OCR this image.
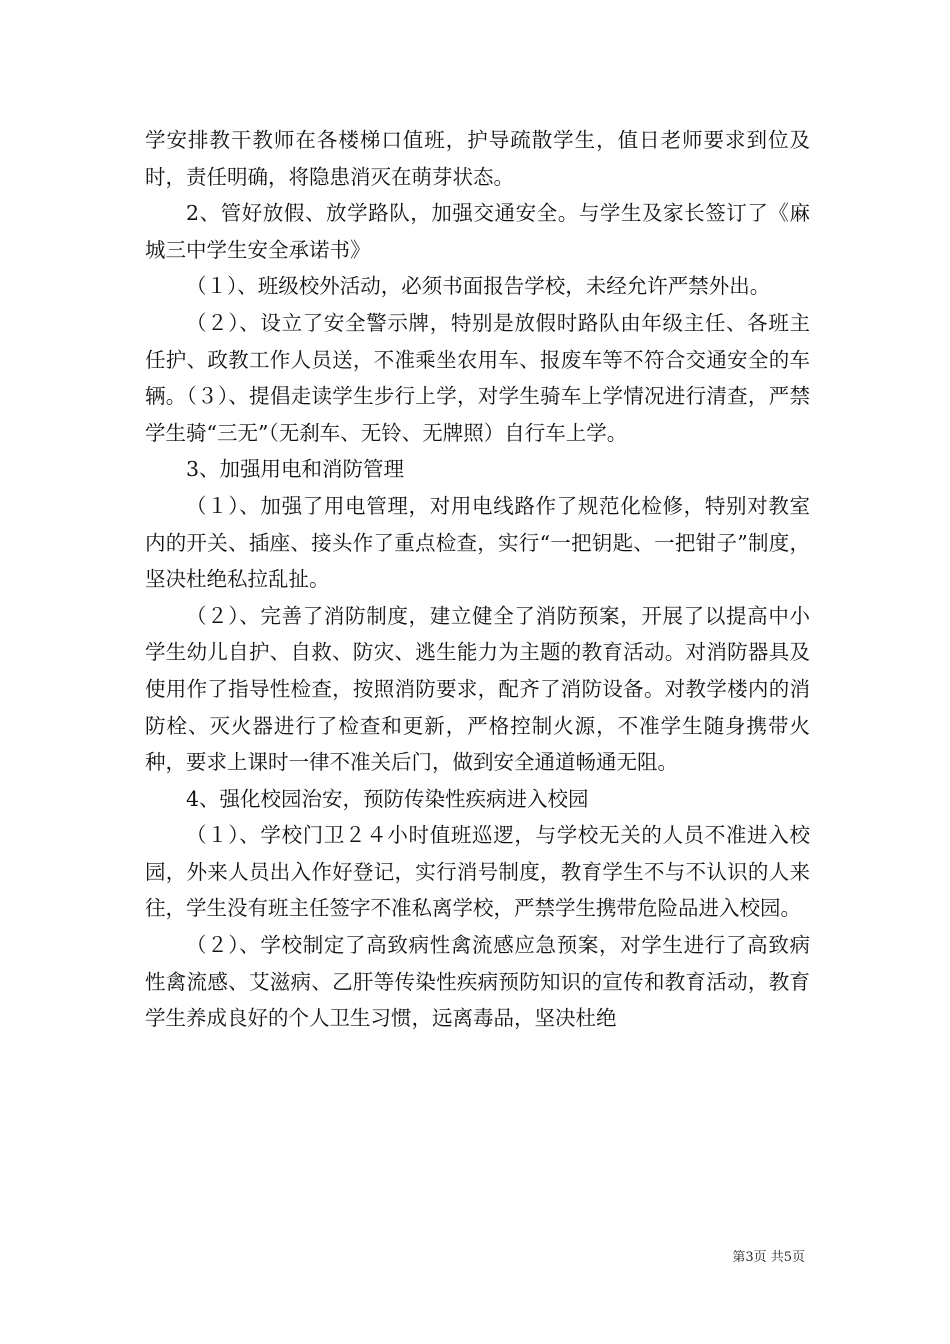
学安排教干教师在各楼梯口值班，护导疏散学生，值日老师要求到位及时，责任明确，将隐患消灭在萌芽状态。

2、管好放假、放学路队，加强交通安全。与学生及家长签订了《麻城三中学生安全承诺书》

（１）、班级校外活动，必须书面报告学校，未经允许严禁外出。

（２）、设立了安全警示牌，特别是放假时路队由年级主任、各班主任护、政教工作人员送，不准乘坐农用车、报废车等不符合交通安全的车辆。（３）、提倡走读学生步行上学，对学生骑车上学情况进行清查，严禁学生骑“三无”（无刹车、无铃、无牌照）自行车上学。

3、加强用电和消防管理

（１）、加强了用电管理，对用电线路作了规范化检修，特别对教室内的开关、插座、接头作了重点检查，实行“一把钥匙、一把钳子”制度，坚决杜绝私拉乱扯。

（２）、完善了消防制度，建立健全了消防预案，开展了以提高中小学生幼儿自护、自救、防灾、逃生能力为主题的教育活动。对消防器具及使用作了指导性检查，按照消防要求，配齐了消防设备。对教学楼内的消防栓、灭火器进行了检查和更新，严格控制火源，不准学生随身携带火种，要求上课时一律不准关后门，做到安全通道畅通无阻。

4、强化校园治安，预防传染性疾病进入校园

（１）、学校门卫２４小时值班巡逻，与学校无关的人员不准进入校园，外来人员出入作好登记，实行消号制度，教育学生不与不认识的人来往，学生没有班主任签字不准私离学校，严禁学生携带危险品进入校园。

（２）、学校制定了高致病性禽流感应急预案，对学生进行了高致病性禽流感、艾滋病、乙肝等传染性疾病预防知识的宣传和教育活动，教育学生养成良好的个人卫生习惯，远离毒品，坚决杜绝

第3页 共5页
